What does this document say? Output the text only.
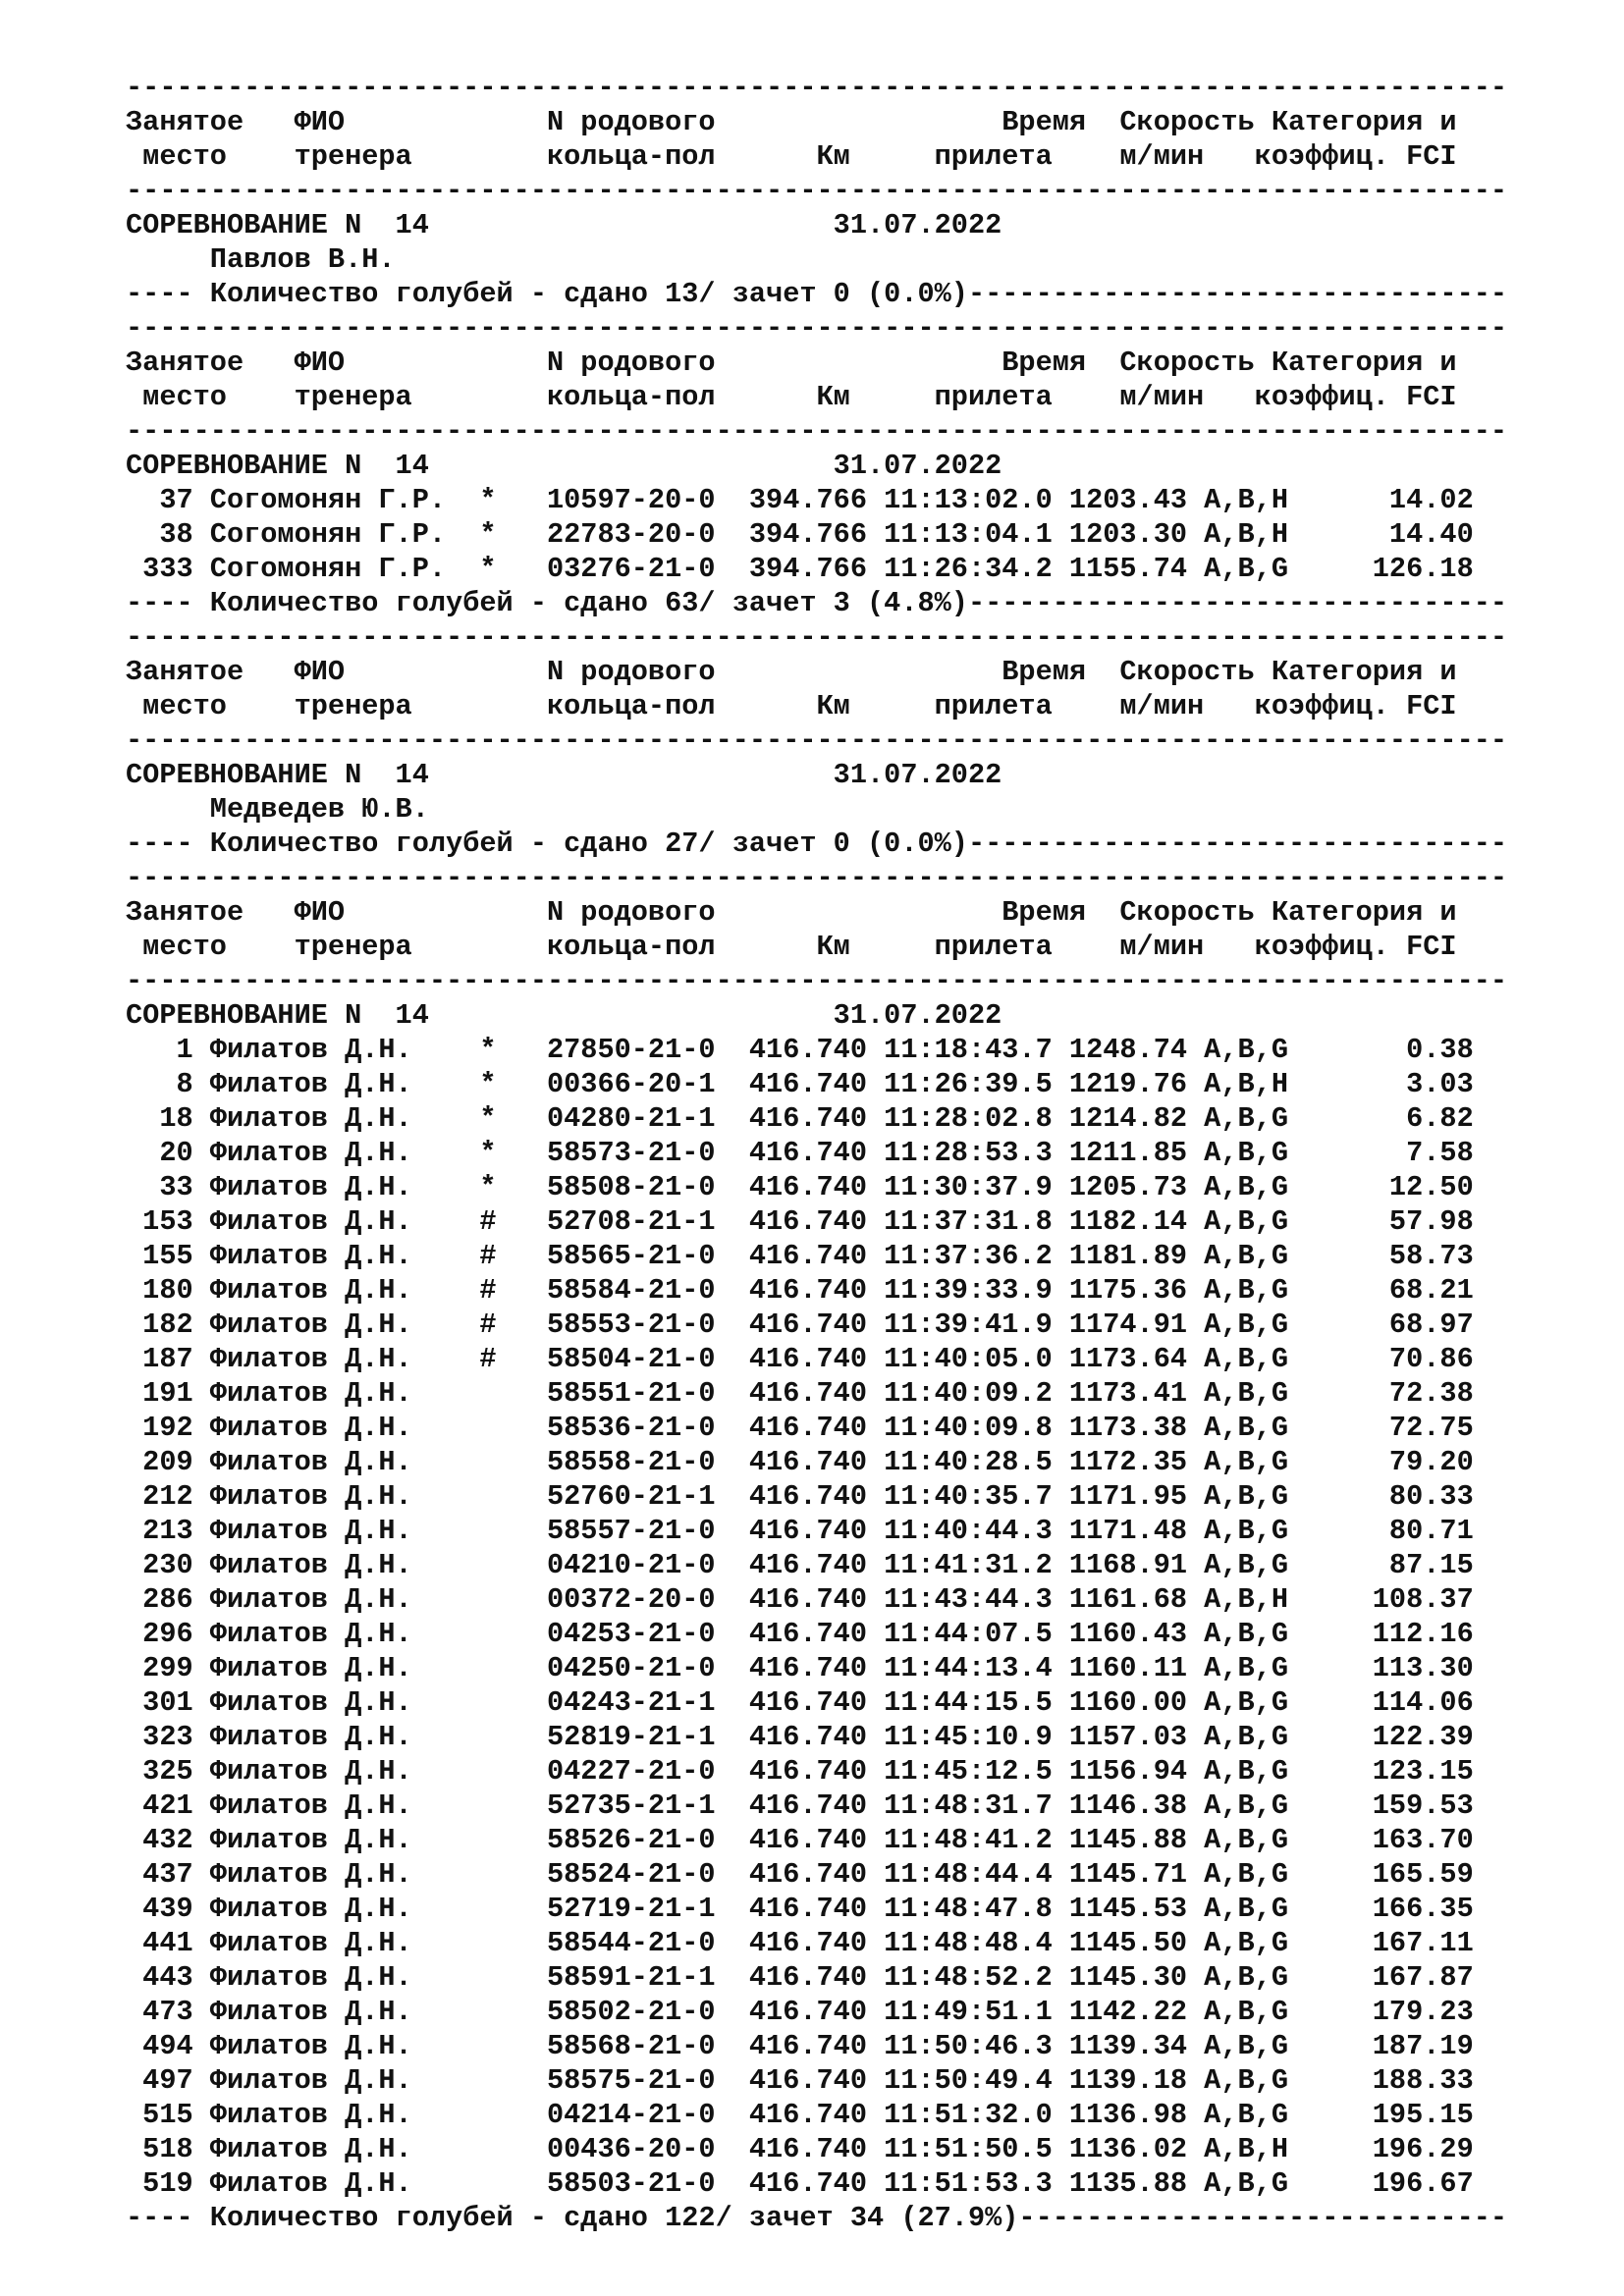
----------------------------------------------------------------------------------
Занятое   ФИО            N родового                 Время  Скорость Категория и
место    тренера        кольца-пол      Км     прилета    м/мин   коэффиц. FCI
----------------------------------------------------------------------------------
СОРЕВНОВАНИЕ N  14                        31.07.2022
Павлов В.Н.
---- Количество голубей - сдано 13/ зачет 0 (0.0%)--------------------------------
----------------------------------------------------------------------------------
Занятое   ФИО            N родового                 Время  Скорость Категория и
место    тренера        кольца-пол      Км     прилета    м/мин   коэффиц. FCI
----------------------------------------------------------------------------------
СОРЕВНОВАНИЕ N  14                        31.07.2022
37 Согомонян Г.Р.  *   10597-20-0  394.766 11:13:02.0 1203.43 A,B,H      14.02
38 Согомонян Г.Р.  *   22783-20-0  394.766 11:13:04.1 1203.30 A,B,H      14.40
333 Согомонян Г.Р.  *   03276-21-0  394.766 11:26:34.2 1155.74 A,B,G     126.18
---- Количество голубей - сдано 63/ зачет 3 (4.8%)--------------------------------
----------------------------------------------------------------------------------
Занятое   ФИО            N родового                 Время  Скорость Категория и
место    тренера        кольца-пол      Км     прилета    м/мин   коэффиц. FCI
----------------------------------------------------------------------------------
СОРЕВНОВАНИЕ N  14                        31.07.2022
Медведев Ю.В.
---- Количество голубей - сдано 27/ зачет 0 (0.0%)--------------------------------
----------------------------------------------------------------------------------
Занятое   ФИО            N родового                 Время  Скорость Категория и
место    тренера        кольца-пол      Км     прилета    м/мин   коэффиц. FCI
----------------------------------------------------------------------------------
СОРЕВНОВАНИЕ N  14                        31.07.2022
1 Филатов Д.Н.    *   27850-21-0  416.740 11:18:43.7 1248.74 A,B,G       0.38
8 Филатов Д.Н.    *   00366-20-1  416.740 11:26:39.5 1219.76 A,B,H       3.03
18 Филатов Д.Н.    *   04280-21-1  416.740 11:28:02.8 1214.82 A,B,G       6.82
20 Филатов Д.Н.    *   58573-21-0  416.740 11:28:53.3 1211.85 A,B,G       7.58
33 Филатов Д.Н.    *   58508-21-0  416.740 11:30:37.9 1205.73 A,B,G      12.50
153 Филатов Д.Н.    #   52708-21-1  416.740 11:37:31.8 1182.14 A,B,G      57.98
155 Филатов Д.Н.    #   58565-21-0  416.740 11:37:36.2 1181.89 A,B,G      58.73
180 Филатов Д.Н.    #   58584-21-0  416.740 11:39:33.9 1175.36 A,B,G      68.21
182 Филатов Д.Н.    #   58553-21-0  416.740 11:39:41.9 1174.91 A,B,G      68.97
187 Филатов Д.Н.    #   58504-21-0  416.740 11:40:05.0 1173.64 A,B,G      70.86
191 Филатов Д.Н.        58551-21-0  416.740 11:40:09.2 1173.41 A,B,G      72.38
192 Филатов Д.Н.        58536-21-0  416.740 11:40:09.8 1173.38 A,B,G      72.75
209 Филатов Д.Н.        58558-21-0  416.740 11:40:28.5 1172.35 A,B,G      79.20
212 Филатов Д.Н.        52760-21-1  416.740 11:40:35.7 1171.95 A,B,G      80.33
213 Филатов Д.Н.        58557-21-0  416.740 11:40:44.3 1171.48 A,B,G      80.71
230 Филатов Д.Н.        04210-21-0  416.740 11:41:31.2 1168.91 A,B,G      87.15
286 Филатов Д.Н.        00372-20-0  416.740 11:43:44.3 1161.68 A,B,H     108.37
296 Филатов Д.Н.        04253-21-0  416.740 11:44:07.5 1160.43 A,B,G     112.16
299 Филатов Д.Н.        04250-21-0  416.740 11:44:13.4 1160.11 A,B,G     113.30
301 Филатов Д.Н.        04243-21-1  416.740 11:44:15.5 1160.00 A,B,G     114.06
323 Филатов Д.Н.        52819-21-1  416.740 11:45:10.9 1157.03 A,B,G     122.39
325 Филатов Д.Н.        04227-21-0  416.740 11:45:12.5 1156.94 A,B,G     123.15
421 Филатов Д.Н.        52735-21-1  416.740 11:48:31.7 1146.38 A,B,G     159.53
432 Филатов Д.Н.        58526-21-0  416.740 11:48:41.2 1145.88 A,B,G     163.70
437 Филатов Д.Н.        58524-21-0  416.740 11:48:44.4 1145.71 A,B,G     165.59
439 Филатов Д.Н.        52719-21-1  416.740 11:48:47.8 1145.53 A,B,G     166.35
441 Филатов Д.Н.        58544-21-0  416.740 11:48:48.4 1145.50 A,B,G     167.11
443 Филатов Д.Н.        58591-21-1  416.740 11:48:52.2 1145.30 A,B,G     167.87
473 Филатов Д.Н.        58502-21-0  416.740 11:49:51.1 1142.22 A,B,G     179.23
494 Филатов Д.Н.        58568-21-0  416.740 11:50:46.3 1139.34 A,B,G     187.19
497 Филатов Д.Н.        58575-21-0  416.740 11:50:49.4 1139.18 A,B,G     188.33
515 Филатов Д.Н.        04214-21-0  416.740 11:51:32.0 1136.98 A,B,G     195.15
518 Филатов Д.Н.        00436-20-0  416.740 11:51:50.5 1136.02 A,B,H     196.29
519 Филатов Д.Н.        58503-21-0  416.740 11:51:53.3 1135.88 A,B,G     196.67
---- Количество голубей - сдано 122/ зачет 34 (27.9%)-----------------------------
